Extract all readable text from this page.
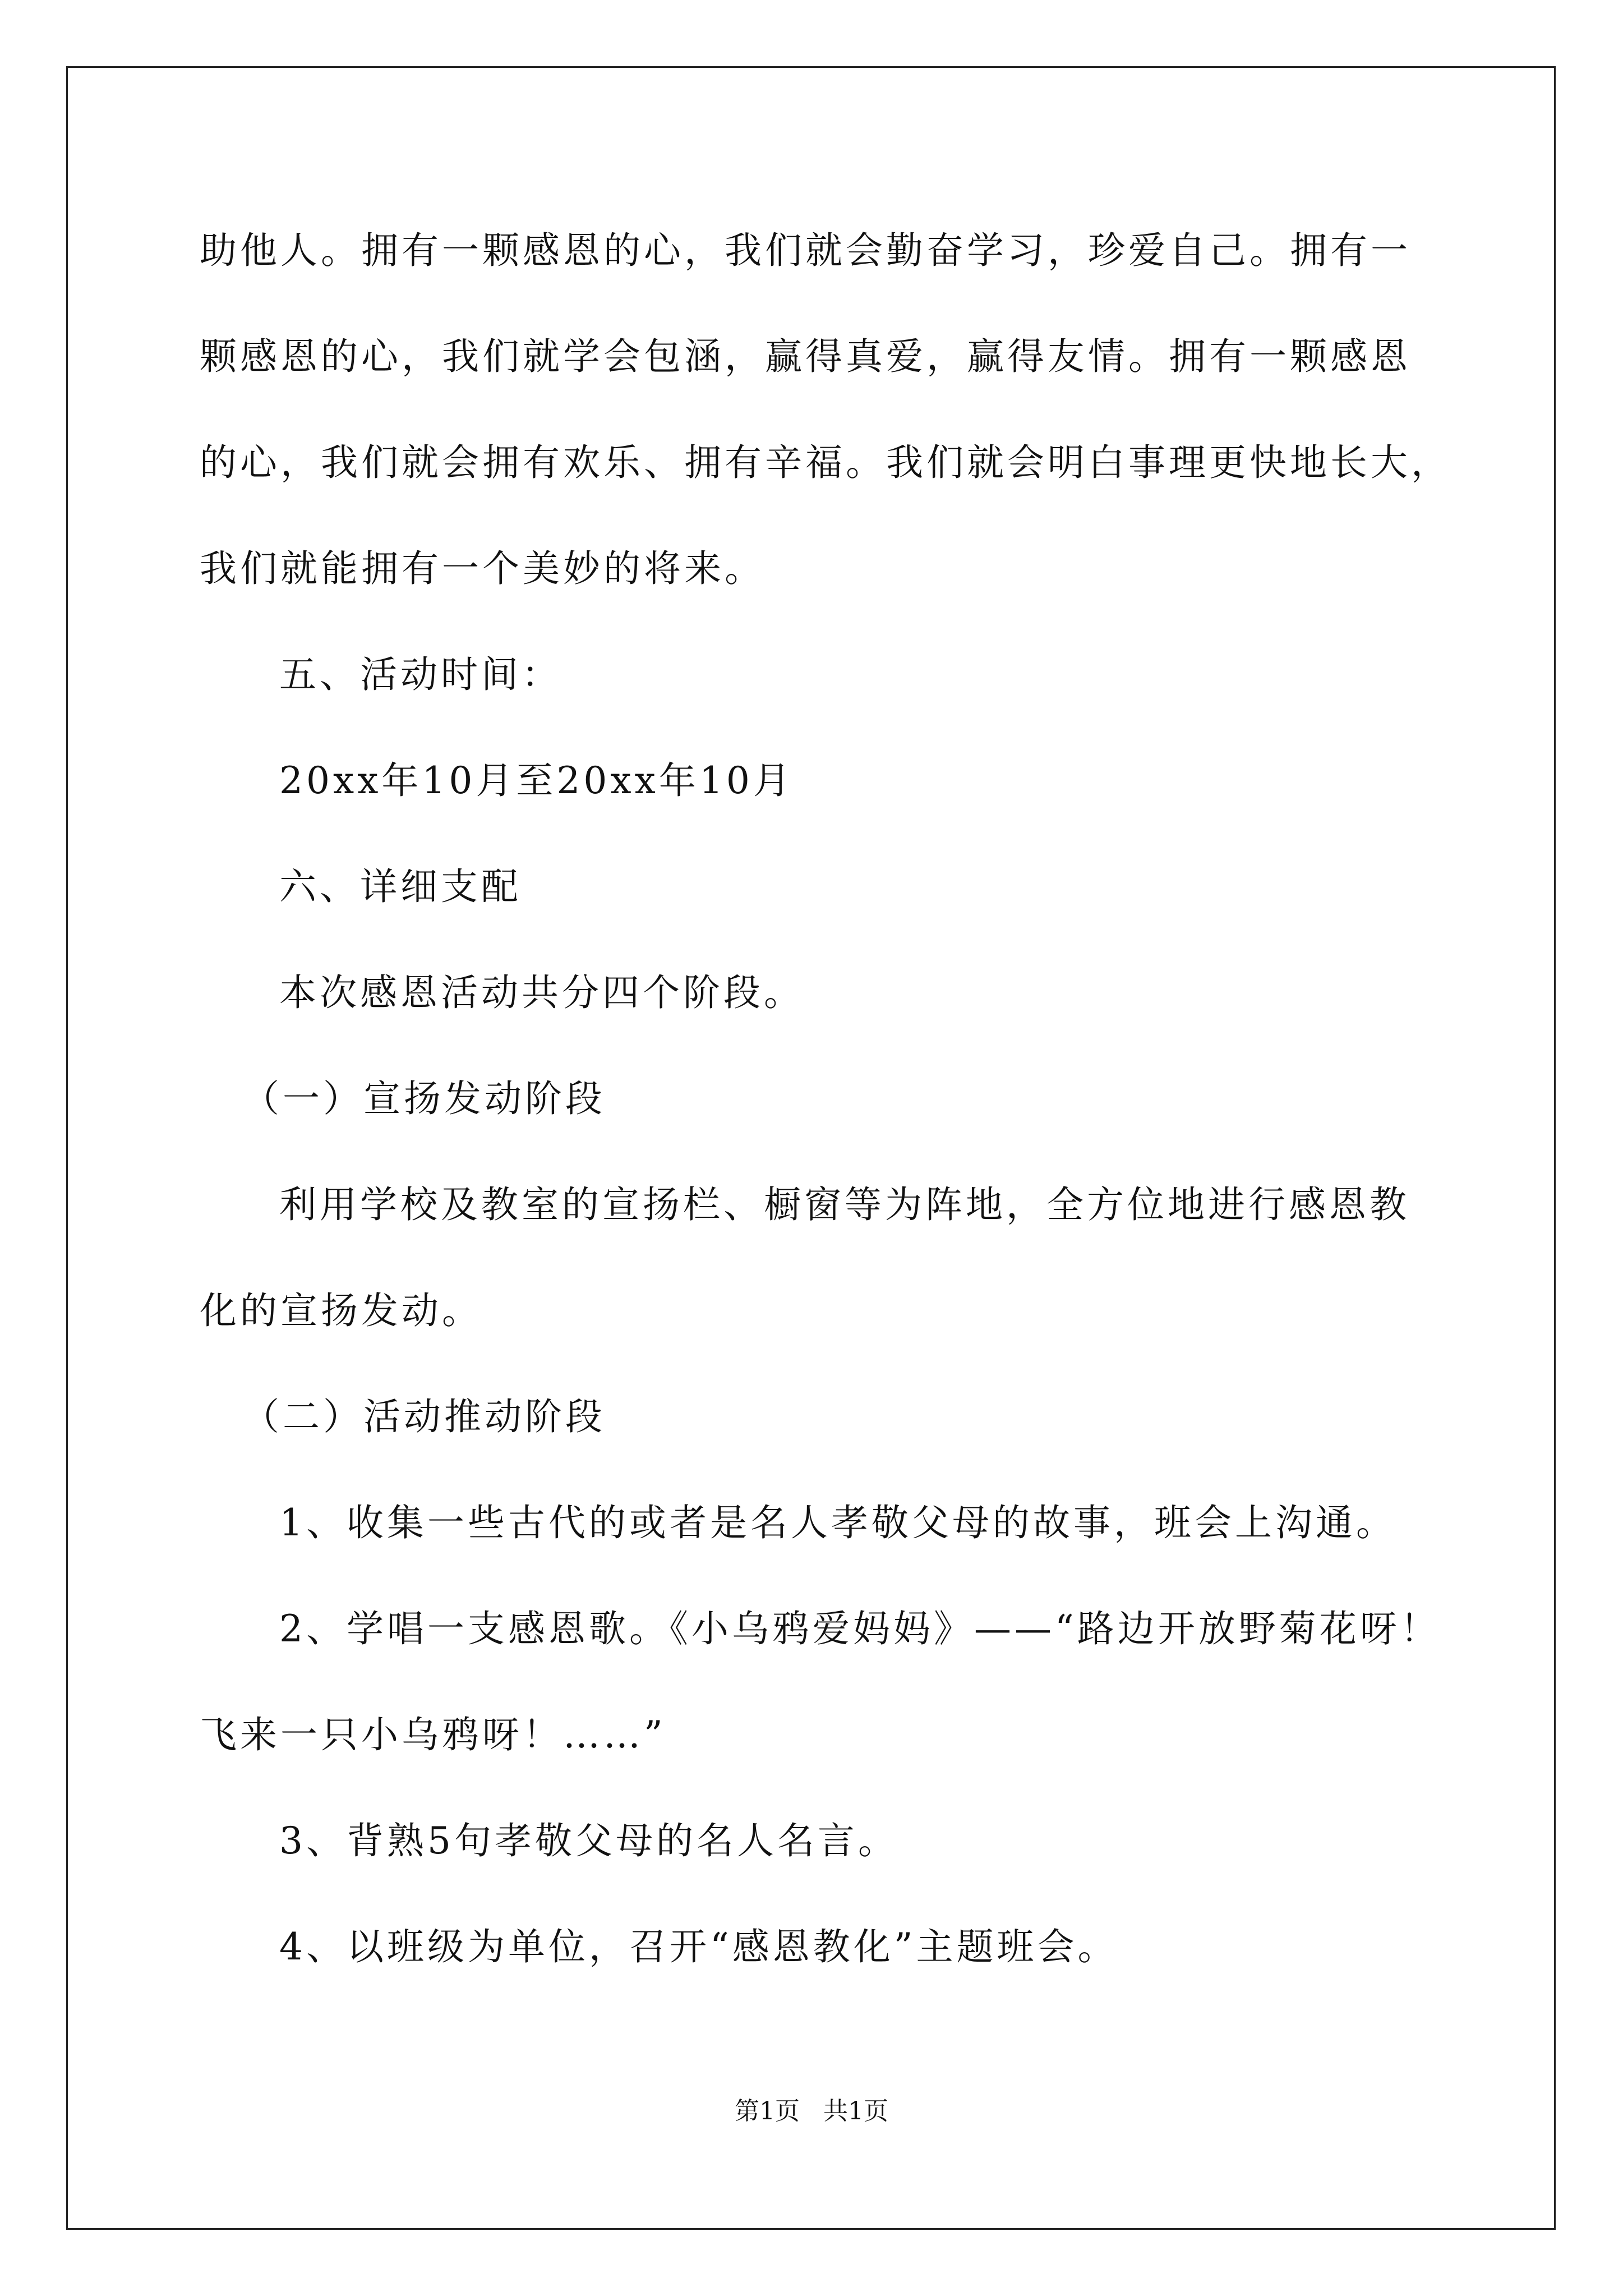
助他人。拥有一颗感恩的心，我们就会勤奋学习，珍爱自己。拥有一
颗感恩的心，我们就学会包涵，赢得真爱，赢得友情。拥有一颗感恩
的心，我们就会拥有欢乐、拥有辛福。我们就会明白事理更快地长大，
我们就能拥有一个美妙的将来。
五、活动时间：
20xx年10月至20xx年10月
六、详细支配
本次感恩活动共分四个阶段。
（一）宣扬发动阶段
利用学校及教室的宣扬栏、橱窗等为阵地，全方位地进行感恩教
化的宣扬发动。
（二）活动推动阶段
1、收集一些古代的或者是名人孝敬父母的故事，班会上沟通。
2、学唱一支感恩歌。《小乌鸦爱妈妈》——“路边开放野菊花呀！
飞来一只小乌鸦呀！……”
3、背熟5句孝敬父母的名人名言。
4、以班级为单位，召开“感恩教化”主题班会。
第1页   共1页
